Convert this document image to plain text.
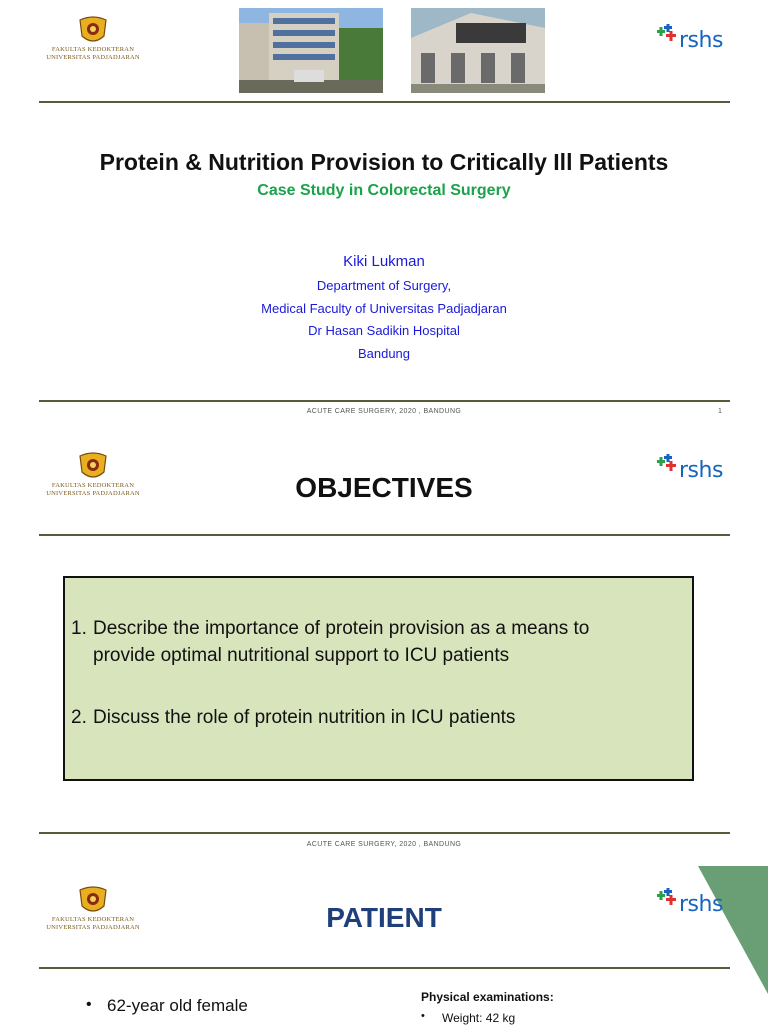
FAKULTAS KEDOKTERAN
UNIVERSITAS PADJADJARAN
rshs
Protein & Nutrition Provision to Critically Ill Patients
Case Study in Colorectal Surgery
Kiki Lukman
Department of Surgery,
Medical Faculty of Universitas Padjadjaran
Dr Hasan Sadikin Hospital
Bandung
ACUTE CARE SURGERY, 2020 , BANDUNG	1
FAKULTAS KEDOKTERAN
UNIVERSITAS PADJADJARAN
rshs
OBJECTIVES
1. Describe the importance of protein provision as a means to
provide optimal nutritional support to ICU patients
2. Discuss the role of protein nutrition in ICU patients
ACUTE CARE SURGERY, 2020 , BANDUNG
FAKULTAS KEDOKTERAN
UNIVERSITAS PADJADJARAN
rshs
PATIENT
• 62-year old female	Physical examinations:
• Weight: 42 kg
